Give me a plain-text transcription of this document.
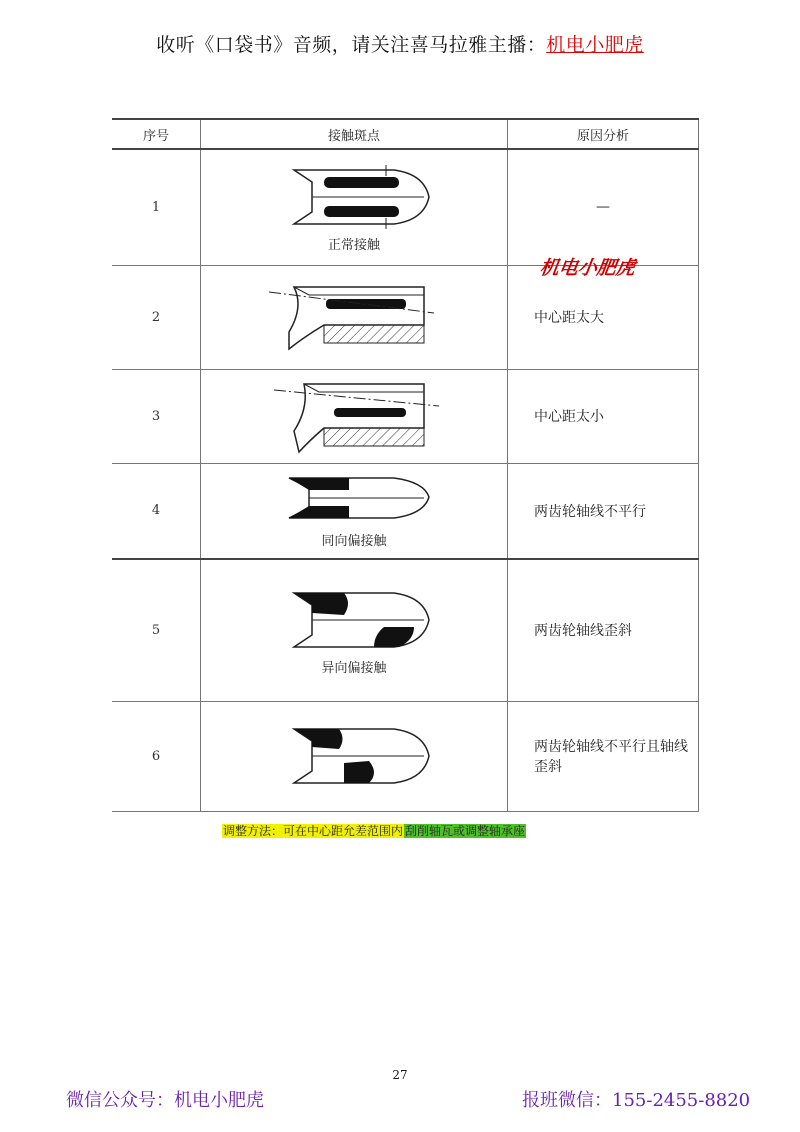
收听《口袋书》音频，请关注喜马拉雅主播：机电小肥虎
序号	接触斑点	原因分析
1	正常接触	—
2		中心距太大
3		中心距太小
4	同向偏接触	两齿轮轴线不平行
5	异向偏接触	两齿轮轴线歪斜
6		两齿轮轴线不平行且轴线歪斜
机电小肥虎
调整方法：可在中心距允差范围内 刮削轴瓦或调整轴承座
27
微信公众号：机电小肥虎	报班微信：155-2455-8820
